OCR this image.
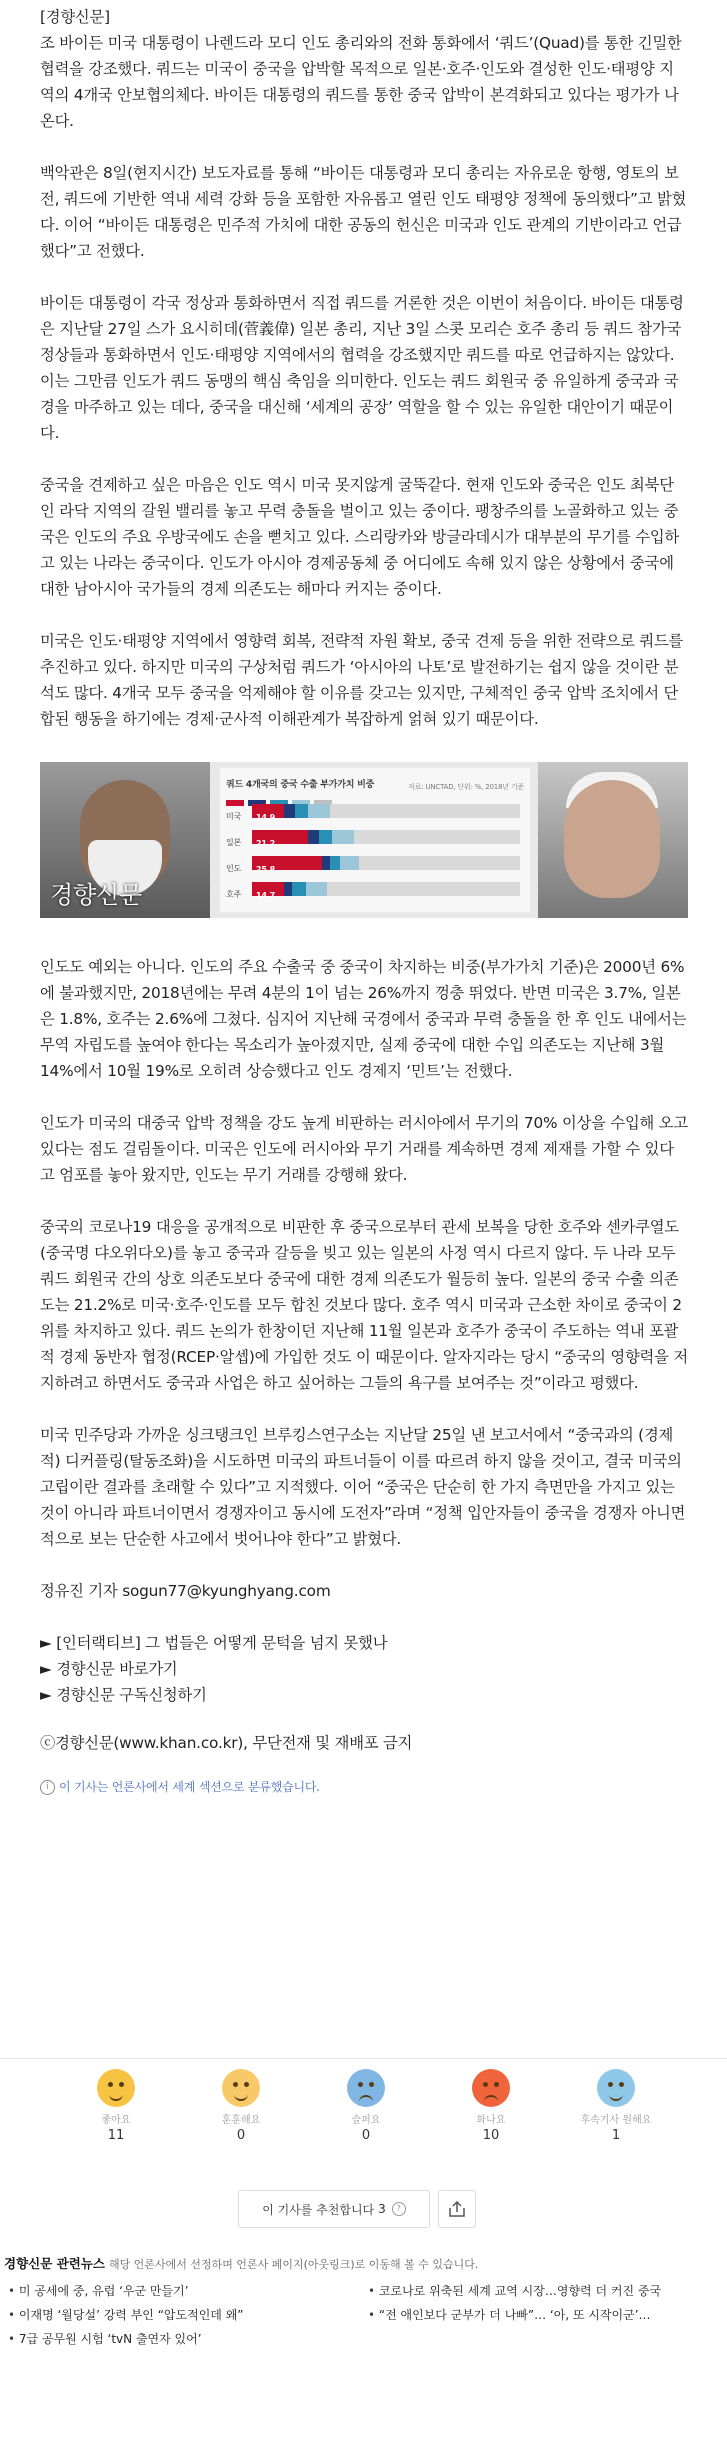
[경향신문]

조 바이든 미국 대통령이 나렌드라 모디 인도 총리와의 전화 통화에서 ‘쿼드’(Quad)를 통한 긴밀한 협력을 강조했다. 쿼드는 미국이 중국을 압박할 목적으로 일본·호주·인도와 결성한 인도·태평양 지역의 4개국 안보협의체다. 바이든 대통령의 쿼드를 통한 중국 압박이 본격화되고 있다는 평가가 나온다.

백악관은 8일(현지시간) 보도자료를 통해 “바이든 대통령과 모디 총리는 자유로운 항행, 영토의 보전, 쿼드에 기반한 역내 세력 강화 등을 포함한 자유롭고 열린 인도 태평양 정책에 동의했다”고 밝혔다. 이어 “바이든 대통령은 민주적 가치에 대한 공동의 헌신은 미국과 인도 관계의 기반이라고 언급했다”고 전했다.

바이든 대통령이 각국 정상과 통화하면서 직접 쿼드를 거론한 것은 이번이 처음이다. 바이든 대통령은 지난달 27일 스가 요시히데(菅義偉) 일본 총리, 지난 3일 스콧 모리슨 호주 총리 등 쿼드 참가국 정상들과 통화하면서 인도·태평양 지역에서의 협력을 강조했지만 쿼드를 따로 언급하지는 않았다. 이는 그만큼 인도가 쿼드 동맹의 핵심 축임을 의미한다. 인도는 쿼드 회원국 중 유일하게 중국과 국경을 마주하고 있는 데다, 중국을 대신해 ‘세계의 공장’ 역할을 할 수 있는 유일한 대안이기 때문이다.

중국을 견제하고 싶은 마음은 인도 역시 미국 못지않게 굴뚝같다. 현재 인도와 중국은 인도 최북단인 라닥 지역의 갈원 밸리를 놓고 무력 충돌을 벌이고 있는 중이다. 팽창주의를 노골화하고 있는 중국은 인도의 주요 우방국에도 손을 뻗치고 있다. 스리랑카와 방글라데시가 대부분의 무기를 수입하고 있는 나라는 중국이다. 인도가 아시아 경제공동체 중 어디에도 속해 있지 않은 상황에서 중국에 대한 남아시아 국가들의 경제 의존도는 해마다 커지는 중이다.

미국은 인도·태평양 지역에서 영향력 회복, 전략적 자원 확보, 중국 견제 등을 위한 전략으로 쿼드를 추진하고 있다. 하지만 미국의 구상처럼 쿼드가 ‘아시아의 나토’로 발전하기는 쉽지 않을 것이란 분석도 많다. 4개국 모두 중국을 억제해야 할 이유를 갖고는 있지만, 구체적인 중국 압박 조치에서 단합된 행동을 하기에는 경제·군사적 이해관계가 복잡하게 얽혀 있기 때문이다.

경향신문
쿼드 4개국의 중국 수출 부가가치 비중	자료: UNCTAD, 단위: %, 2018년 기준
미국 14.9
일본 21.2
인도 25.8
호주 14.7

인도도 예외는 아니다. 인도의 주요 수출국 중 중국이 차지하는 비중(부가가치 기준)은 2000년 6%에 불과했지만, 2018년에는 무려 4분의 1이 넘는 26%까지 껑충 뛰었다. 반면 미국은 3.7%, 일본은 1.8%, 호주는 2.6%에 그쳤다. 심지어 지난해 국경에서 중국과 무력 충돌을 한 후 인도 내에서는 무역 자립도를 높여야 한다는 목소리가 높아졌지만, 실제 중국에 대한 수입 의존도는 지난해 3월 14%에서 10월 19%로 오히려 상승했다고 인도 경제지 ‘민트’는 전했다.

인도가 미국의 대중국 압박 정책을 강도 높게 비판하는 러시아에서 무기의 70% 이상을 수입해 오고 있다는 점도 걸림돌이다. 미국은 인도에 러시아와 무기 거래를 계속하면 경제 제재를 가할 수 있다고 엄포를 놓아 왔지만, 인도는 무기 거래를 강행해 왔다.

중국의 코로나19 대응을 공개적으로 비판한 후 중국으로부터 관세 보복을 당한 호주와 센카쿠열도(중국명 댜오위다오)를 놓고 중국과 갈등을 빚고 있는 일본의 사정 역시 다르지 않다. 두 나라 모두 쿼드 회원국 간의 상호 의존도보다 중국에 대한 경제 의존도가 월등히 높다. 일본의 중국 수출 의존도는 21.2%로 미국·호주·인도를 모두 합친 것보다 많다. 호주 역시 미국과 근소한 차이로 중국이 2위를 차지하고 있다. 쿼드 논의가 한창이던 지난해 11월 일본과 호주가 중국이 주도하는 역내 포괄적 경제 동반자 협정(RCEP·알셉)에 가입한 것도 이 때문이다. 알자지라는 당시 “중국의 영향력을 저지하려고 하면서도 중국과 사업은 하고 싶어하는 그들의 욕구를 보여주는 것”이라고 평했다.

미국 민주당과 가까운 싱크탱크인 브루킹스연구소는 지난달 25일 낸 보고서에서 “중국과의 (경제적) 디커플링(탈동조화)을 시도하면 미국의 파트너들이 이를 따르려 하지 않을 것이고, 결국 미국의 고립이란 결과를 초래할 수 있다”고 지적했다. 이어 “중국은 단순히 한 가지 측면만을 가지고 있는 것이 아니라 파트너이면서 경쟁자이고 동시에 도전자”라며 “정책 입안자들이 중국을 경쟁자 아니면 적으로 보는 단순한 사고에서 벗어나야 한다”고 밝혔다.

정유진 기자 sogun77@kyunghyang.com
► [인터랙티브] 그 법들은 어떻게 문턱을 넘지 못했나
► 경향신문 바로가기
► 경향신문 구독신청하기
ⓒ경향신문(www.khan.co.kr), 무단전재 및 재배포 금지
i 이 기사는 언론사에서 세계 섹션으로 분류했습니다.
좋아요
11
훈훈해요
0
슬퍼요
0
화나요
10
후속기사 원해요
1
이 기사를 추천합니다 3	?
경향신문 관련뉴스 해당 언론사에서 선정하며 언론사 페이지(아웃링크)로 이동해 볼 수 있습니다.
• 미 공세에 중, 유럽 ‘우군 만들기’	• 코로나로 위축된 세계 교역 시장…영향력 더 커진 중국
• 이재명 ‘월당설’ 강력 부인 “압도적인데 왜”	• “전 애인보다 군부가 더 나빠”… ‘아, 또 시작이군’…
• 7급 공무원 시험 ‘tvN 출연자 있어’
